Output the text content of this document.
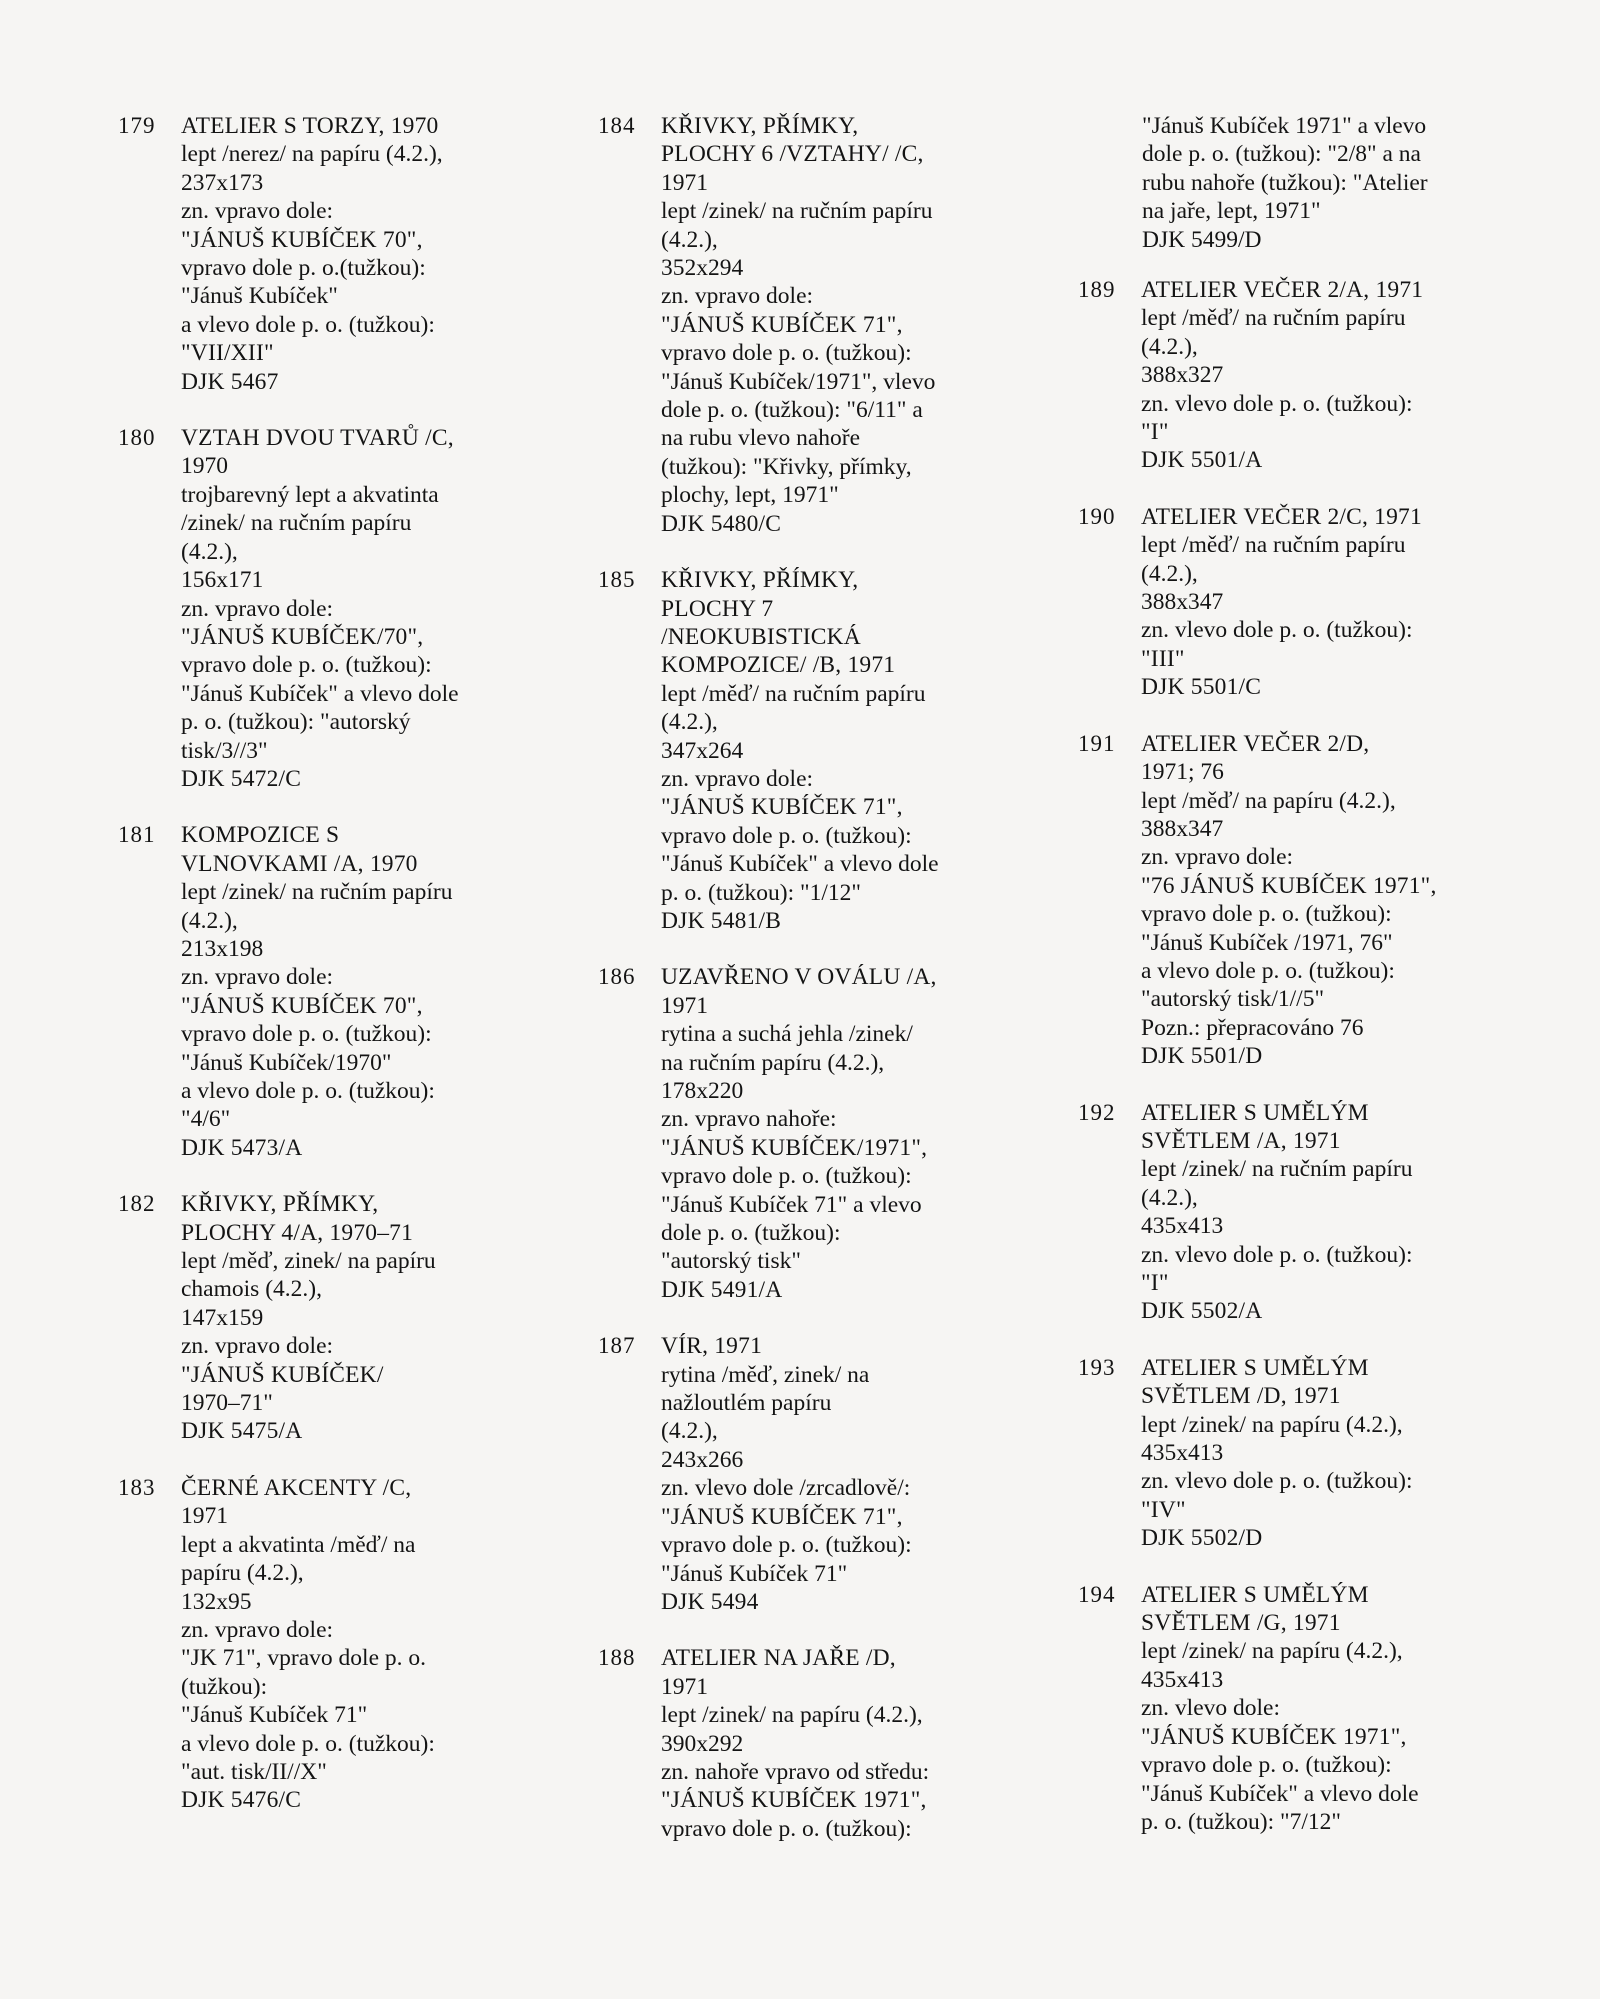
179	ATELIER S TORZY, 1970
lept /nerez/ na papíru (4.2.),
237x173
zn. vpravo dole:
"JÁNUŠ KUBÍČEK 70",
vpravo dole p. o.(tužkou):
"Jánuš Kubíček"
a vlevo dole p. o. (tužkou):
"VII/XII"
DJK 5467
180	VZTAH DVOU TVARŮ /C,
1970
trojbarevný lept a akvatinta
/zinek/ na ručním papíru
(4.2.),
156x171
zn. vpravo dole:
"JÁNUŠ KUBÍČEK/70",
vpravo dole p. o. (tužkou):
"Jánuš Kubíček" a vlevo dole
p. o. (tužkou): "autorský
tisk/3//3"
DJK 5472/C
181	KOMPOZICE S
VLNOVKAMI /A, 1970
lept /zinek/ na ručním papíru
(4.2.),
213x198
zn. vpravo dole:
"JÁNUŠ KUBÍČEK 70",
vpravo dole p. o. (tužkou):
"Jánuš Kubíček/1970"
a vlevo dole p. o. (tužkou):
"4/6"
DJK 5473/A
182	KŘIVKY, PŘÍMKY,
PLOCHY 4/A, 1970–71
lept /měď, zinek/ na papíru
chamois (4.2.),
147x159
zn. vpravo dole:
"JÁNUŠ KUBÍČEK/
1970–71"
DJK 5475/A
183	ČERNÉ AKCENTY /C,
1971
lept a akvatinta /měď/ na
papíru (4.2.),
132x95
zn. vpravo dole:
"JK 71", vpravo dole p. o.
(tužkou):
"Jánuš Kubíček 71"
a vlevo dole p. o. (tužkou):
"aut. tisk/II//X"
DJK 5476/C
184	KŘIVKY, PŘÍMKY,
PLOCHY 6 /VZTAHY/ /C,
1971
lept /zinek/ na ručním papíru
(4.2.),
352x294
zn. vpravo dole:
"JÁNUŠ KUBÍČEK 71",
vpravo dole p. o. (tužkou):
"Jánuš Kubíček/1971", vlevo
dole p. o. (tužkou): "6/11" a
na rubu vlevo nahoře
(tužkou): "Křivky, přímky,
plochy, lept, 1971"
DJK 5480/C
185	KŘIVKY, PŘÍMKY,
PLOCHY 7
/NEOKUBISTICKÁ
KOMPOZICE/ /B, 1971
lept /měď/ na ručním papíru
(4.2.),
347x264
zn. vpravo dole:
"JÁNUŠ KUBÍČEK 71",
vpravo dole p. o. (tužkou):
"Jánuš Kubíček" a vlevo dole
p. o. (tužkou): "1/12"
DJK 5481/B
186	UZAVŘENO V OVÁLU /A,
1971
rytina a suchá jehla /zinek/
na ručním papíru (4.2.),
178x220
zn. vpravo nahoře:
"JÁNUŠ KUBÍČEK/1971",
vpravo dole p. o. (tužkou):
"Jánuš Kubíček 71" a vlevo
dole p. o. (tužkou):
"autorský tisk"
DJK 5491/A
187	VÍR, 1971
rytina /měď, zinek/ na
nažloutlém papíru
(4.2.),
243x266
zn. vlevo dole /zrcadlově/:
"JÁNUŠ KUBÍČEK 71",
vpravo dole p. o. (tužkou):
"Jánuš Kubíček 71"
DJK 5494
188	ATELIER NA JAŘE /D,
1971
lept /zinek/ na papíru (4.2.),
390x292
zn. nahoře vpravo od středu:
"JÁNUŠ KUBÍČEK 1971",
vpravo dole p. o. (tužkou):
"Jánuš Kubíček 1971" a vlevo
dole p. o. (tužkou): "2/8" a na
rubu nahoře (tužkou): "Atelier
na jaře, lept, 1971"
DJK 5499/D
189	ATELIER VEČER 2/A, 1971
lept /měď/ na ručním papíru
(4.2.),
388x327
zn. vlevo dole p. o. (tužkou):
"I"
DJK 5501/A
190	ATELIER VEČER 2/C, 1971
lept /měď/ na ručním papíru
(4.2.),
388x347
zn. vlevo dole p. o. (tužkou):
"III"
DJK 5501/C
191	ATELIER VEČER 2/D,
1971; 76
lept /měď/ na papíru (4.2.),
388x347
zn. vpravo dole:
"76 JÁNUŠ KUBÍČEK 1971",
vpravo dole p. o. (tužkou):
"Jánuš Kubíček /1971, 76"
a vlevo dole p. o. (tužkou):
"autorský tisk/1//5"
Pozn.: přepracováno 76
DJK 5501/D
192	ATELIER S UMĚLÝM
SVĚTLEM /A, 1971
lept /zinek/ na ručním papíru
(4.2.),
435x413
zn. vlevo dole p. o. (tužkou):
"I"
DJK 5502/A
193	ATELIER S UMĚLÝM
SVĚTLEM /D, 1971
lept /zinek/ na papíru (4.2.),
435x413
zn. vlevo dole p. o. (tužkou):
"IV"
DJK 5502/D
194	ATELIER S UMĚLÝM
SVĚTLEM /G, 1971
lept /zinek/ na papíru (4.2.),
435x413
zn. vlevo dole:
"JÁNUŠ KUBÍČEK 1971",
vpravo dole p. o. (tužkou):
"Jánuš Kubíček" a vlevo dole
p. o. (tužkou): "7/12"
